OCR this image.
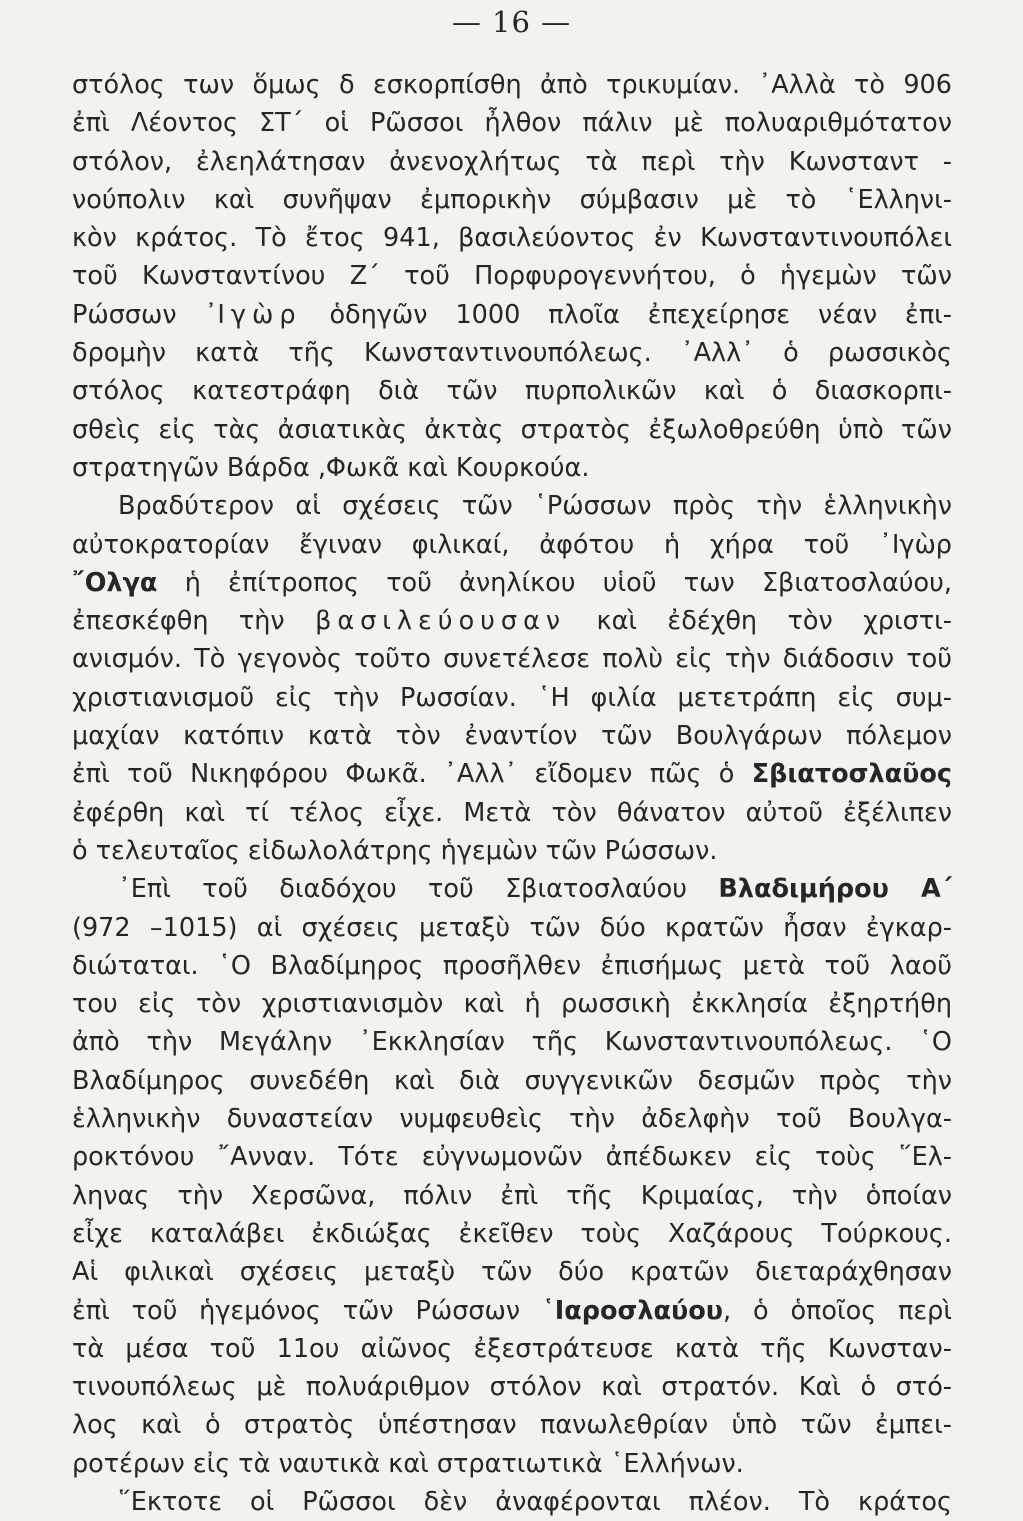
— 16 —
στόλος των ὅμως δ εσκορπίσθη ἀπὸ τρικυμίαν. ᾿Αλλὰ τὸ 906
ἐπὶ Λέοντος ΣΤ΄ οἱ Ρῶσσοι ἦλθον πάλιν μὲ πολυαριθμότατον
στόλον, ἐλεηλάτησαν ἀνενοχλήτως τὰ περὶ τὴν Κωνσταντ -
νούπολιν καὶ συνῆψαν ἐμπορικὴν σύμβασιν μὲ τὸ ῾Ελληνι-
κὸν κράτος. Τὸ ἔτος 941, βασιλεύοντος ἐν Κωνσταντινουπόλει
τοῦ Κωνσταντίνου Ζ΄ τοῦ Πορφυρογεννήτου, ὁ ἡγεμὼν τῶν
Ρώσσων ᾿Ιγὼρ ὁδηγῶν 1000 πλοῖα ἐπεχείρησε νέαν ἐπι-
δρομὴν κατὰ τῆς Κωνσταντινουπόλεως. ᾿Αλλ᾿ ὁ ρωσσικὸς
στόλος κατεστράφη διὰ τῶν πυρπολικῶν καὶ ὁ διασκορπι-
σθεὶς εἰς τὰς ἀσιατικὰς ἀκτὰς στρατὸς ἐξωλοθρεύθη ὑπὸ τῶν
στρατηγῶν Βάρδα ,Φωκᾶ καὶ Κουρκούα.
Βραδύτερον αἱ σχέσεις τῶν ῾Ρώσσων πρὸς τὴν ἑλληνικὴν
αὐτοκρατορίαν ἔγιναν φιλικαί, ἀφότου ἡ χήρα τοῦ ᾿Ιγὼρ
῎Ολγα ἡ ἐπίτροπος τοῦ ἀνηλίκου υἱοῦ των Σβιατοσλαύου,
ἐπεσκέφθη τὴν βασιλεύουσαν καὶ ἐδέχθη τὸν χριστι-
ανισμόν. Τὸ γεγονὸς τοῦτο συνετέλεσε πολὺ εἰς τὴν διάδοσιν τοῦ
χριστιανισμοῦ εἰς τὴν Ρωσσίαν. ῾Η φιλία μετετράπη εἰς συμ-
μαχίαν κατόπιν κατὰ τὸν ἐναντίον τῶν Βουλγάρων πόλεμον
ἐπὶ τοῦ Νικηφόρου Φωκᾶ. ᾿Αλλ᾿ εἴδομεν πῶς ὁ Σβιατοσλαῦος
ἐφέρθη καὶ τί τέλος εἶχε. Μετὰ τὸν θάνατον αὐτοῦ ἐξέλιπεν
ὁ τελευταῖος εἰδωλολάτρης ἡγεμὼν τῶν Ρώσσων.
᾿Επὶ τοῦ διαδόχου τοῦ Σβιατοσλαύου Βλαδιμήρου Α΄
(972 –1015) αἱ σχέσεις μεταξὺ τῶν δύο κρατῶν ἦσαν ἐγκαρ-
διώταται. ῾Ο Βλαδίμηρος προσῆλθεν ἐπισήμως μετὰ τοῦ λαοῦ
του εἰς τὸν χριστιανισμὸν καὶ ἡ ρωσσικὴ ἐκκλησία ἐξηρτήθη
ἀπὸ τὴν Μεγάλην ᾿Εκκλησίαν τῆς Κωνσταντινουπόλεως. ῾Ο
Βλαδίμηρος συνεδέθη καὶ διὰ συγγενικῶν δεσμῶν πρὸς τὴν
ἑλληνικὴν δυναστείαν νυμφευθεὶς τὴν ἀδελφὴν τοῦ Βουλγα-
ροκτόνου ῎Ανναν. Τότε εὐγνωμονῶν ἀπέδωκεν εἰς τοὺς ῞Ελ-
ληνας τὴν Χερσῶνα, πόλιν ἐπὶ τῆς Κριμαίας, τὴν ὁποίαν
εἶχε καταλάβει ἐκδιώξας ἐκεῖθεν τοὺς Χαζάρους Τούρκους.
Αἱ φιλικαὶ σχέσεις μεταξὺ τῶν δύο κρατῶν διεταράχθησαν
ἐπὶ τοῦ ἡγεμόνος τῶν Ρώσσων ῾Ιαροσλαύου, ὁ ὁποῖος περὶ
τὰ μέσα τοῦ 11ου αἰῶνος ἐξεστράτευσε κατὰ τῆς Κωνσταν-
τινουπόλεως μὲ πολυάριθμον στόλον καὶ στρατόν. Καὶ ὁ στό-
λος καὶ ὁ στρατὸς ὑπέστησαν πανωλεθρίαν ὑπὸ τῶν ἐμπει-
ροτέρων εἰς τὰ ναυτικὰ καὶ στρατιωτικὰ ῾Ελλήνων.
῞Εκτοτε οἱ Ρῶσσοι δὲν ἀναφέρονται πλέον. Τὸ κράτος
